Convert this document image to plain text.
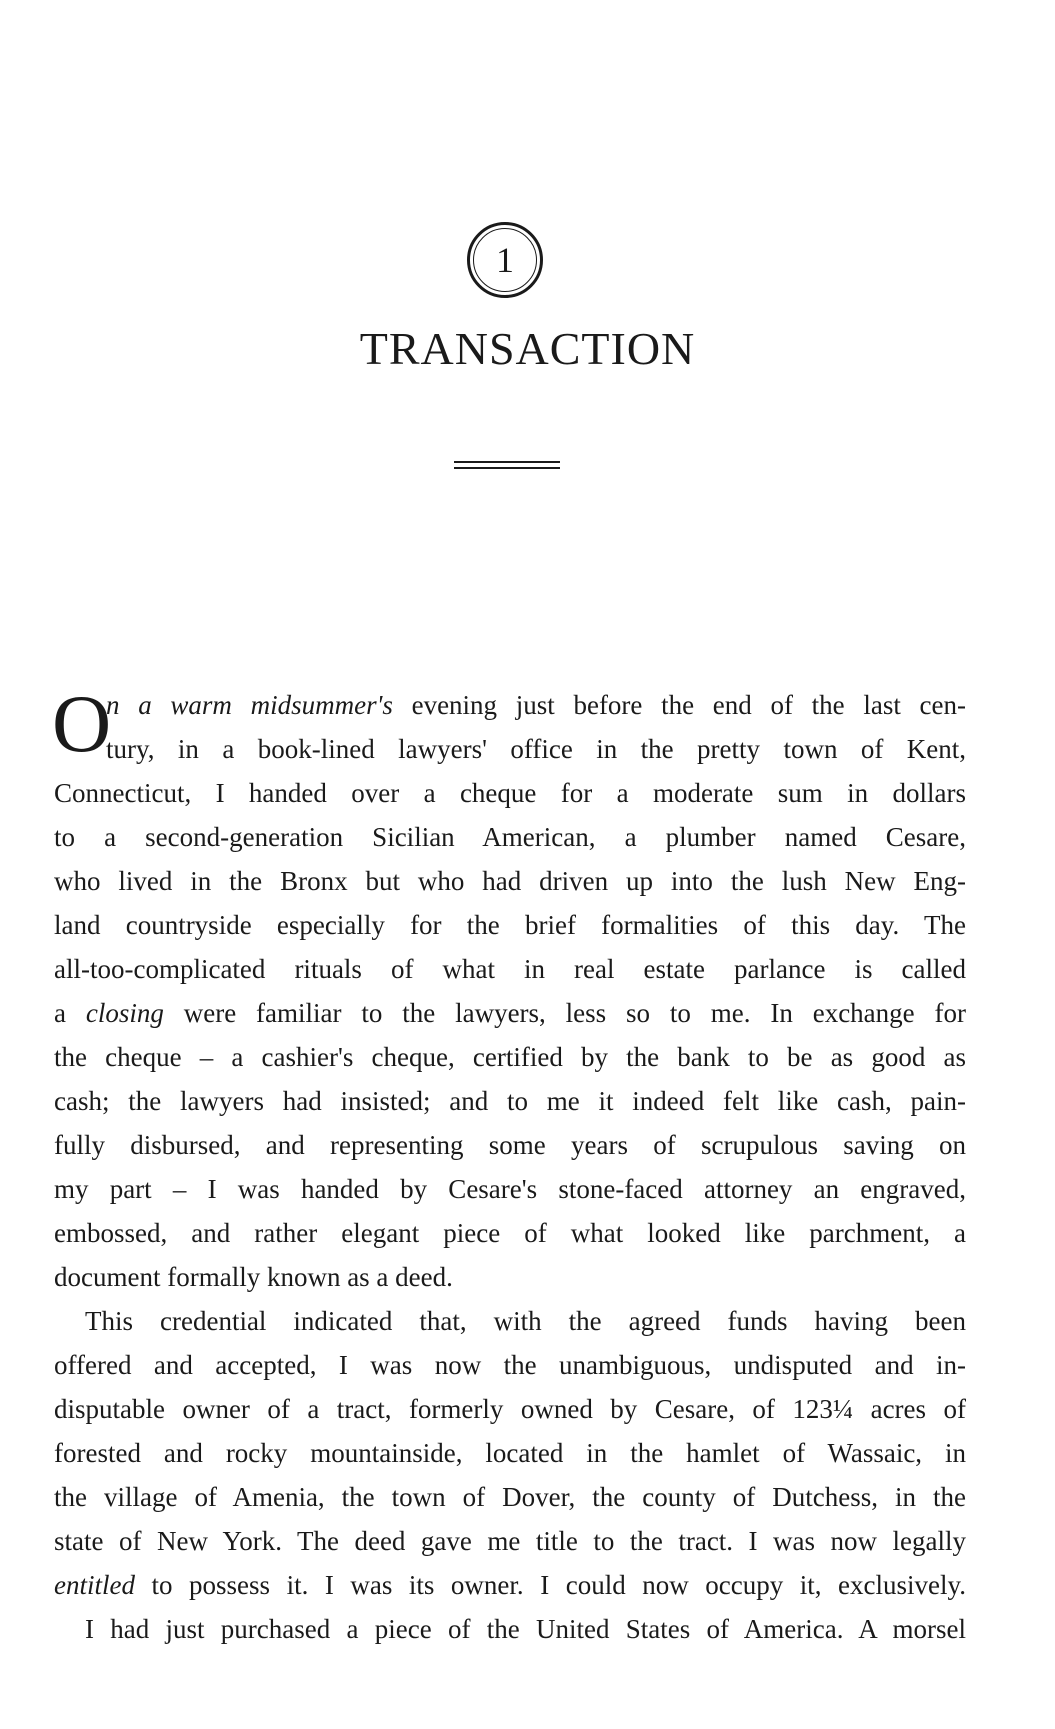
1
TRANSACTION
O
n a warm midsummer's evening just before the end of the last cen-
tury, in a book-lined lawyers' office in the pretty town of Kent,
Connecticut, I handed over a cheque for a moderate sum in dollars
to a second-generation Sicilian American, a plumber named Cesare,
who lived in the Bronx but who had driven up into the lush New Eng-
land countryside especially for the brief formalities of this day. The
all-too-complicated rituals of what in real estate parlance is called
a closing were familiar to the lawyers, less so to me. In exchange for
the cheque – a cashier's cheque, certified by the bank to be as good as
cash; the lawyers had insisted; and to me it indeed felt like cash, pain-
fully disbursed, and representing some years of scrupulous saving on
my part – I was handed by Cesare's stone-faced attorney an engraved,
embossed, and rather elegant piece of what looked like parchment, a
document formally known as a deed.
This credential indicated that, with the agreed funds having been
offered and accepted, I was now the unambiguous, undisputed and in-
disputable owner of a tract, formerly owned by Cesare, of 123¼ acres of
forested and rocky mountainside, located in the hamlet of Wassaic, in
the village of Amenia, the town of Dover, the county of Dutchess, in the
state of New York. The deed gave me title to the tract. I was now legally
entitled to possess it. I was its owner. I could now occupy it, exclusively.
I had just purchased a piece of the United States of America. A morsel
